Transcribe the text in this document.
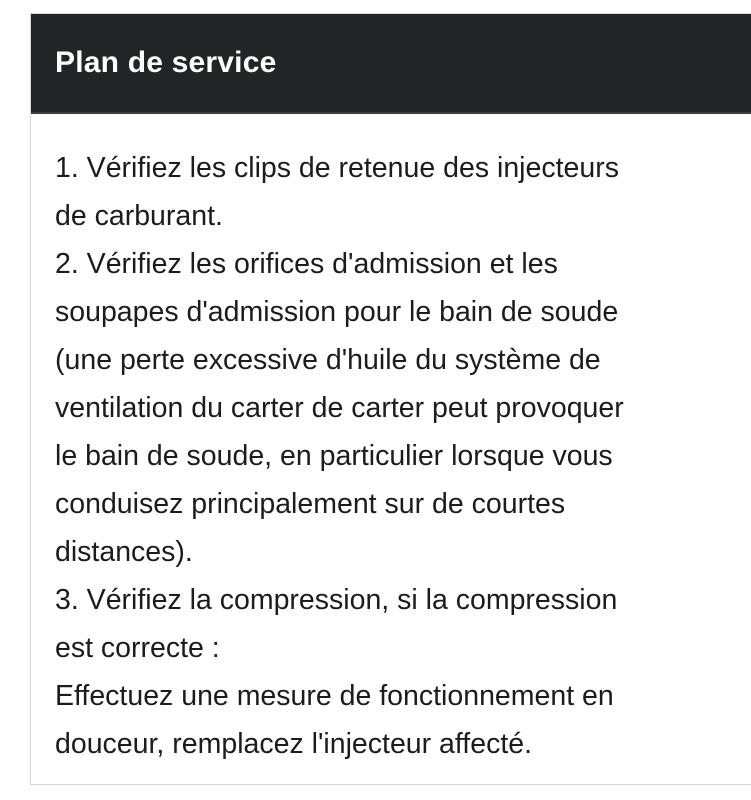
Plan de service
1. Vérifiez les clips de retenue des injecteurs
de carburant.
2. Vérifiez les orifices d'admission et les
soupapes d'admission pour le bain de soude
(une perte excessive d'huile du système de
ventilation du carter de carter peut provoquer
le bain de soude, en particulier lorsque vous
conduisez principalement sur de courtes
distances).
3. Vérifiez la compression, si la compression
est correcte :
Effectuez une mesure de fonctionnement en
douceur, remplacez l'injecteur affecté.
